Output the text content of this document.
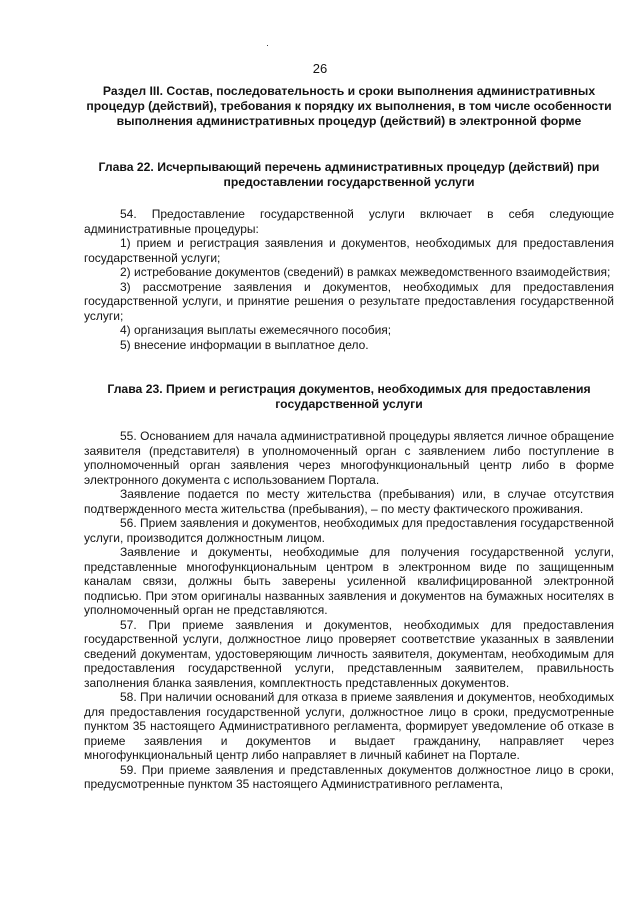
·
26
Раздел III. Состав, последовательность и сроки выполнения административных процедур (действий), требования к порядку их выполнения, в том числе особенности выполнения административных процедур (действий) в электронной форме
Глава 22. Исчерпывающий перечень административных процедур (действий) при предоставлении государственной услуги

54. Предоставление государственной услуги включает в себя следующие административные процедуры:

1) прием и регистрация заявления и документов, необходимых для предоставления государственной услуги;

2) истребование документов (сведений) в рамках межведомственного взаимодействия;

3) рассмотрение заявления и документов, необходимых для предоставления государственной услуги, и принятие решения о результате предоставления государственной услуги;

4) организация выплаты ежемесячного пособия;

5) внесение информации в выплатное дело.

Глава 23. Прием и регистрация документов, необходимых для предоставления государственной услуги

55. Основанием для начала административной процедуры является личное обращение заявителя (представителя) в уполномоченный орган с заявлением либо поступление в уполномоченный орган заявления через многофункциональный центр либо в форме электронного документа с использованием Портала.

Заявление подается по месту жительства (пребывания) или, в случае отсутствия подтвержденного места жительства (пребывания), – по месту фактического проживания.

56. Прием заявления и документов, необходимых для предоставления государственной услуги, производится должностным лицом.

Заявление и документы, необходимые для получения государственной услуги, представленные многофункциональным центром в электронном виде по защищенным каналам связи, должны быть заверены усиленной квалифицированной электронной подписью. При этом оригиналы названных заявления и документов на бумажных носителях в уполномоченный орган не представляются.

57. При приеме заявления и документов, необходимых для предоставления государственной услуги, должностное лицо проверяет соответствие указанных в заявлении сведений документам, удостоверяющим личность заявителя, документам, необходимым для предоставления государственной услуги, представленным заявителем, правильность заполнения бланка заявления, комплектность представленных документов.

58. При наличии оснований для отказа в приеме заявления и документов, необходимых для предоставления государственной услуги, должностное лицо в сроки, предусмотренные пунктом 35 настоящего Административного регламента, формирует уведомление об отказе в приеме заявления и документов и выдает гражданину, направляет через многофункциональный центр либо направляет в личный кабинет на Портале.

59. При приеме заявления и представленных документов должностное лицо в сроки, предусмотренные пунктом 35 настоящего Административного регламента,
